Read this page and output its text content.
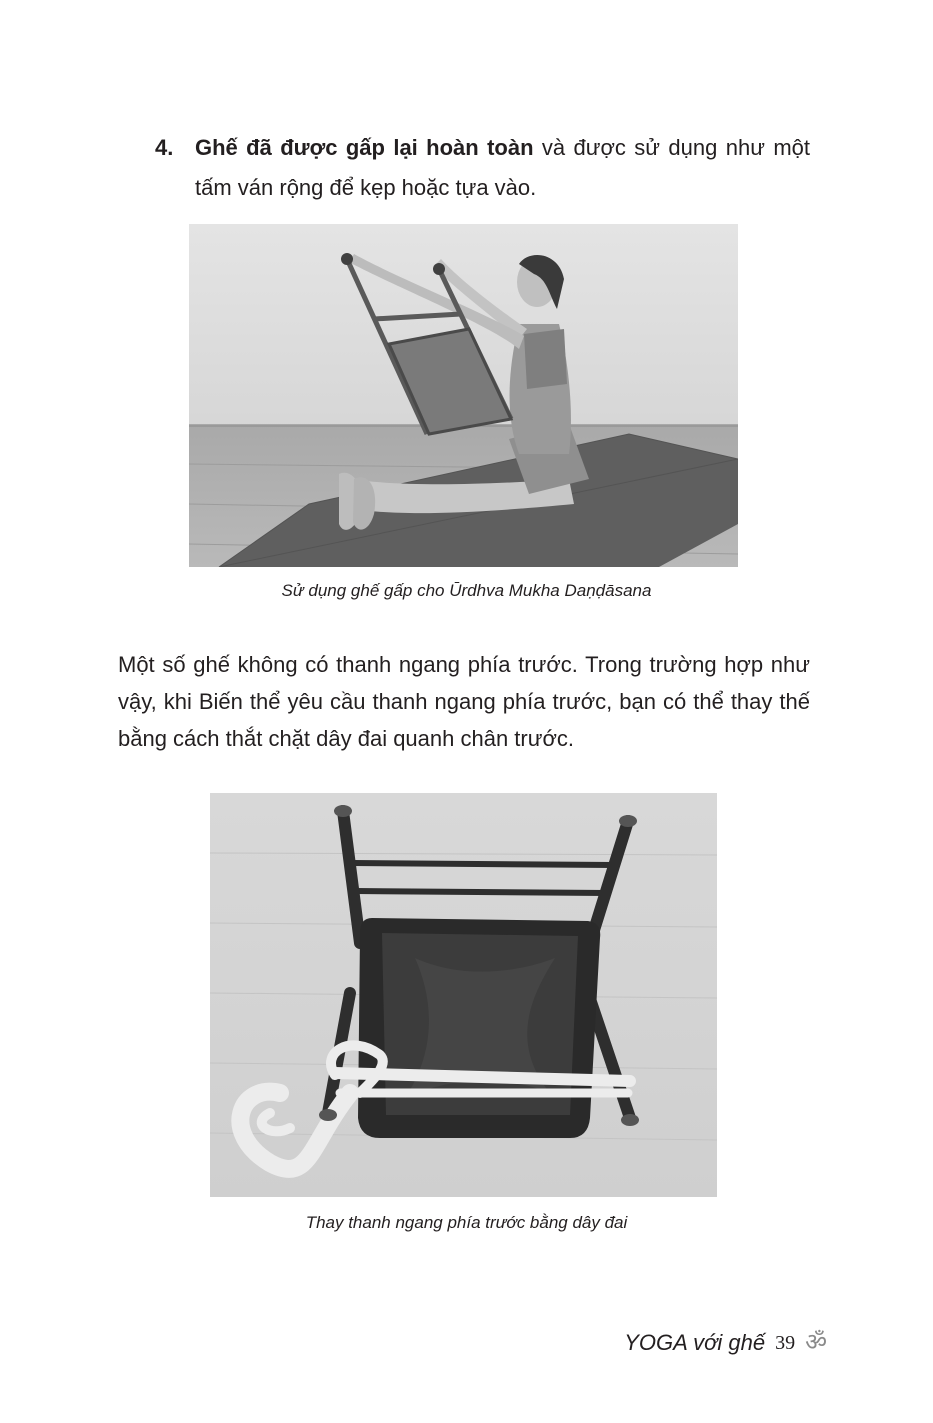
4. Ghế đã được gấp lại hoàn toàn và được sử dụng như một tấm ván rộng để kẹp hoặc tựa vào.
Sử dụng ghế gấp cho Ūrdhva Mukha Daṇḍāsana
Một số ghế không có thanh ngang phía trước. Trong trường hợp như vậy, khi Biến thể yêu cầu thanh ngang phía trước, bạn có thể thay thế bằng cách thắt chặt dây đai quanh chân trước.
Thay thanh ngang phía trước bằng dây đai
YOGA với ghế 39 ॐ
